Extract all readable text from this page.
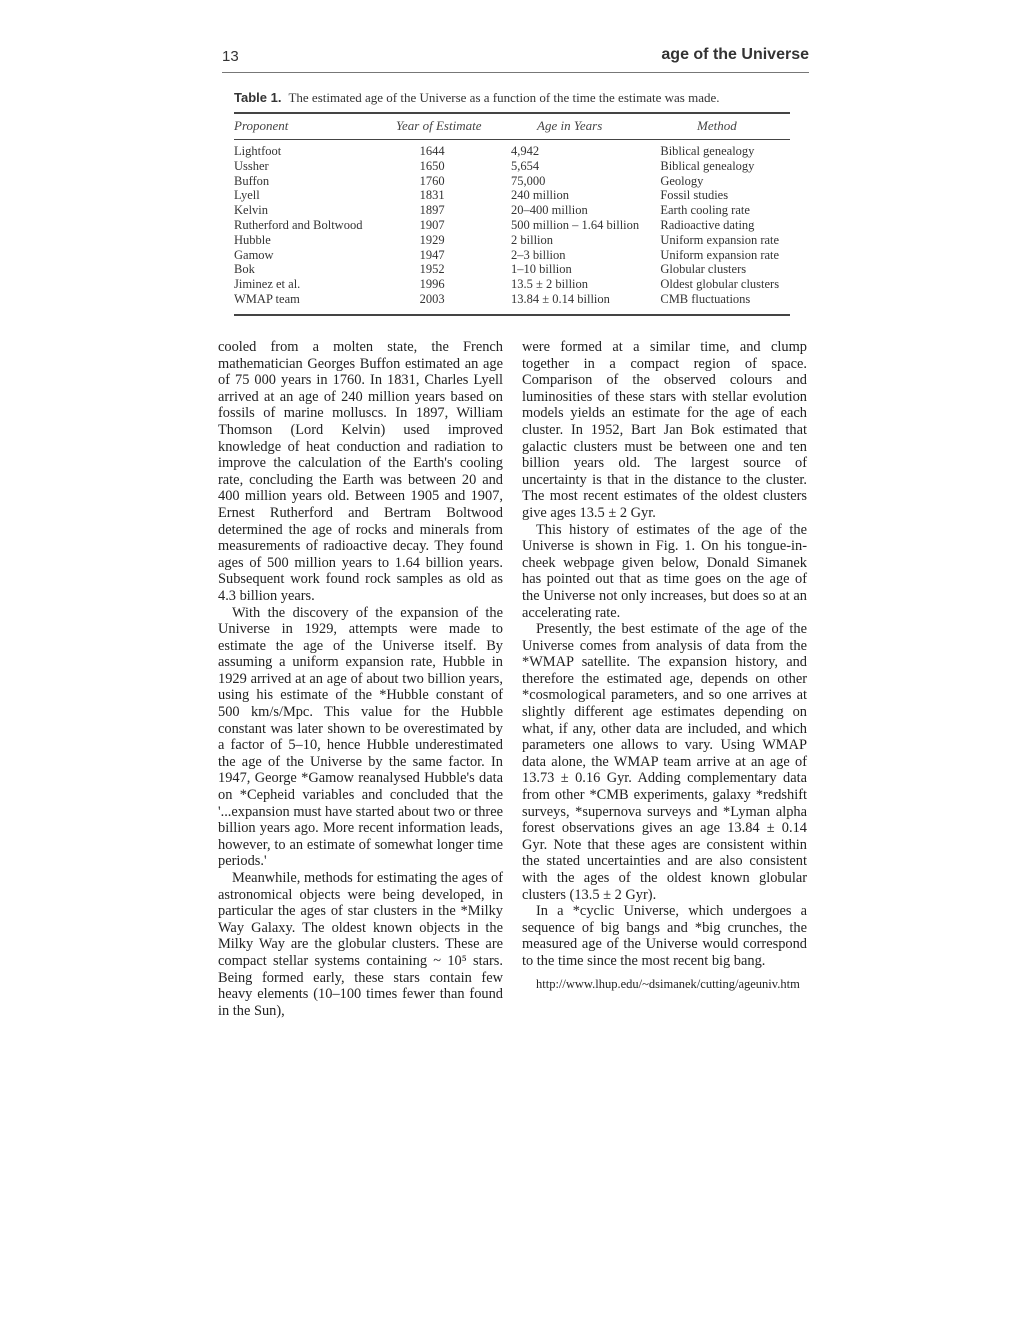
13	age of the Universe
Table 1. The estimated age of the Universe as a function of the time the estimate was made.
Proponent	Year of Estimate	Age in Years	Method
Lightfoot	1644	4,942	Biblical genealogy
Ussher	1650	5,654	Biblical genealogy
Buffon	1760	75,000	Geology
Lyell	1831	240 million	Fossil studies
Kelvin	1897	20–400 million	Earth cooling rate
Rutherford and Boltwood	1907	500 million – 1.64 billion	Radioactive dating
Hubble	1929	2 billion	Uniform expansion rate
Gamow	1947	2–3 billion	Uniform expansion rate
Bok	1952	1–10 billion	Globular clusters
Jiminez et al.	1996	13.5 ± 2 billion	Oldest globular clusters
WMAP team	2003	13.84 ± 0.14 billion	CMB fluctuations

cooled from a molten state, the French mathematician Georges Buffon estimated an age of 75 000 years in 1760. In 1831, Charles Lyell arrived at an age of 240 million years based on fossils of marine molluscs. In 1897, William Thomson (Lord Kelvin) used improved knowledge of heat conduction and radiation to improve the calculation of the Earth's cooling rate, concluding the Earth was between 20 and 400 million years old. Between 1905 and 1907, Ernest Rutherford and Bertram Boltwood determined the age of rocks and minerals from measurements of radioactive decay. They found ages of 500 million years to 1.64 billion years. Subsequent work found rock samples as old as 4.3 billion years.

With the discovery of the expansion of the Universe in 1929, attempts were made to estimate the age of the Universe itself. By assuming a uniform expansion rate, Hubble in 1929 arrived at an age of about two billion years, using his estimate of the *Hubble constant of 500 km/s/Mpc. This value for the Hubble constant was later shown to be overestimated by a factor of 5–10, hence Hubble underestimated the age of the Universe by the same factor. In 1947, George *Gamow reanalysed Hubble's data on *Cepheid variables and concluded that the '...expansion must have started about two or three billion years ago. More recent information leads, however, to an estimate of somewhat longer time periods.'

Meanwhile, methods for estimating the ages of astronomical objects were being developed, in particular the ages of star clusters in the *Milky Way Galaxy. The oldest known objects in the Milky Way are the globular clusters. These are compact stellar systems containing ~ 10⁵ stars. Being formed early, these stars contain few heavy elements (10–100 times fewer than found in the Sun),

were formed at a similar time, and clump together in a compact region of space. Comparison of the observed colours and luminosities of these stars with stellar evolution models yields an estimate for the age of each cluster. In 1952, Bart Jan Bok estimated that galactic clusters must be between one and ten billion years old. The largest source of uncertainty is that in the distance to the cluster. The most recent estimates of the oldest clusters give ages 13.5 ± 2 Gyr.

This history of estimates of the age of the Universe is shown in Fig. 1. On his tongue-in-cheek webpage given below, Donald Simanek has pointed out that as time goes on the age of the Universe not only increases, but does so at an accelerating rate.

Presently, the best estimate of the age of the Universe comes from analysis of data from the *WMAP satellite. The expansion history, and therefore the estimated age, depends on other *cosmological parameters, and so one arrives at slightly different age estimates depending on what, if any, other data are included, and which parameters one allows to vary. Using WMAP data alone, the WMAP team arrive at an age of 13.73 ± 0.16 Gyr. Adding complementary data from other *CMB experiments, galaxy *redshift surveys, *supernova surveys and *Lyman alpha forest observations gives an age 13.84 ± 0.14 Gyr. Note that these ages are consistent within the stated uncertainties and are also consistent with the ages of the oldest known globular clusters (13.5 ± 2 Gyr).

In a *cyclic Universe, which undergoes a sequence of big bangs and *big crunches, the measured age of the Universe would correspond to the time since the most recent big bang.

http://www.lhup.edu/~dsimanek/cutting/ageuniv.htm
